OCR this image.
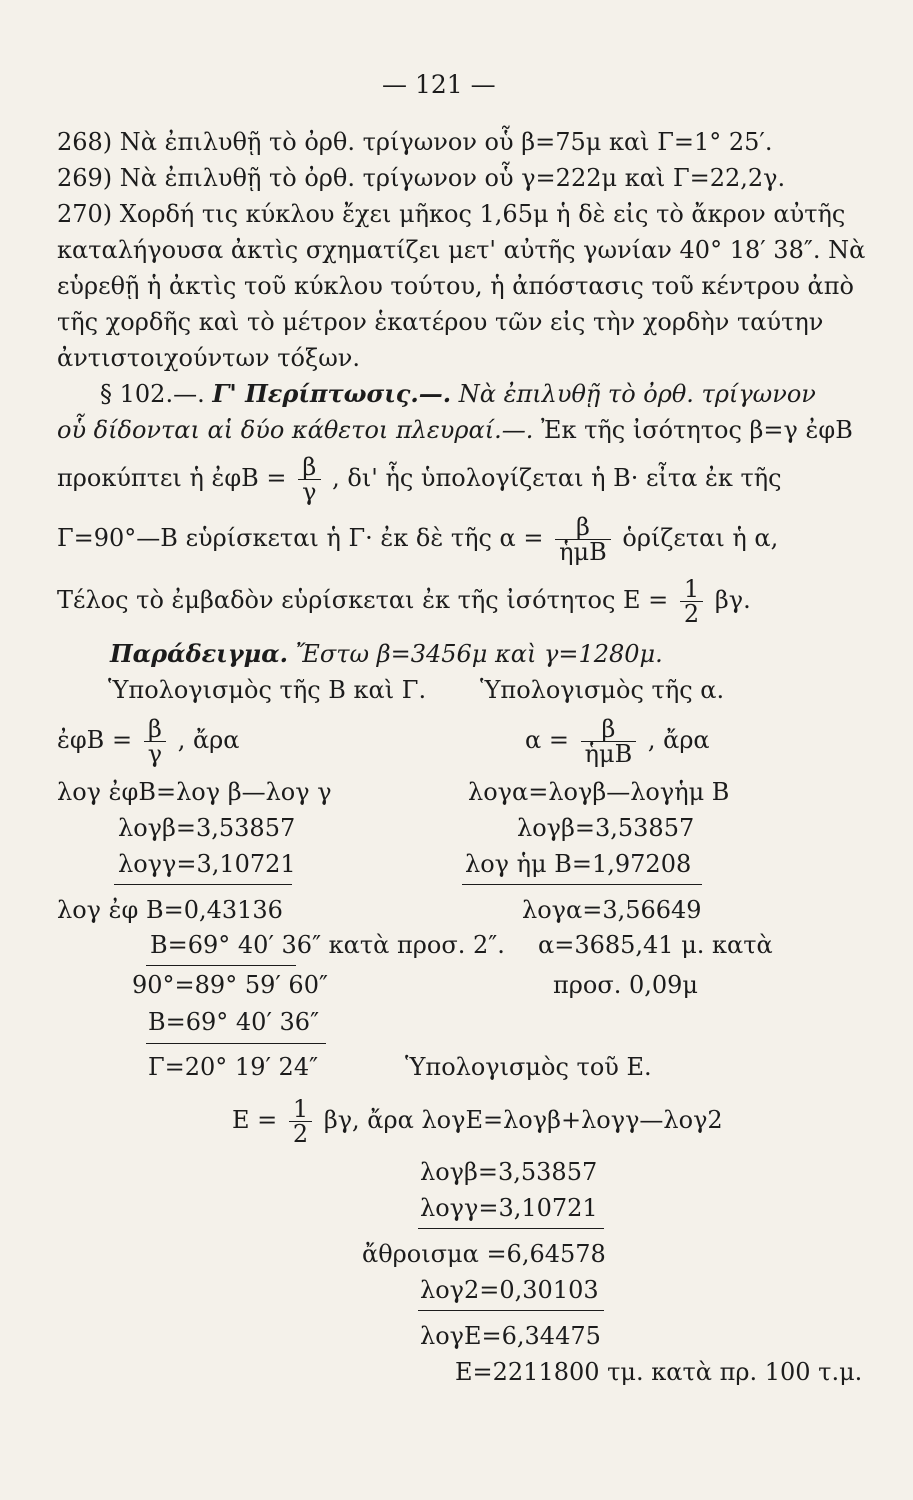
— 121 —
268) Νὰ ἐπιλυθῇ τὸ ὀρθ. τρίγωνον οὗ β=75μ καὶ Γ=1° 25′.
269) Νὰ ἐπιλυθῇ τὸ ὀρθ. τρίγωνον οὗ γ=222μ καὶ Γ=22,2γ.
270) Χορδή τις κύκλου ἔχει μῆκος 1,65μ ἡ δὲ εἰς τὸ ἄκρον αὐτῆς
καταλήγουσα ἀκτὶς σχηματίζει μετ' αὐτῆς γωνίαν 40° 18′ 38″. Νὰ
εὑρεθῇ ἡ ἀκτὶς τοῦ κύκλου τούτου, ἡ ἀπόστασις τοῦ κέντρου ἀπὸ
τῆς χορδῆς καὶ τὸ μέτρον ἑκατέρου τῶν εἰς τὴν χορδὴν ταύτην
ἀντιστοιχούντων τόξων.
§ 102.—. Γ' Περίπτωσις.—. Νὰ ἐπιλυθῇ τὸ ὀρθ. τρίγωνον
οὗ δίδονται αἱ δύο κάθετοι πλευραί.—. Ἐκ τῆς ἰσότητος β=γ ἐφΒ
προκύπτει ἡ ἐφΒ = $\frac{\beta}{\gamma}$ , δι' ἧς ὑπολογίζεται ἡ Β· εἶτα ἐκ τῆς
Γ=90°—Β εὑρίσκεται ἡ Γ· ἐκ δὲ τῆς $\alpha = \frac{\beta}{\text{ἡμΒ}}$ ὁρίζεται ἡ α,
Τέλος τὸ ἐμβαδὸν εὑρίσκεται ἐκ τῆς ἰσότητος $E = \frac{1}{2} \beta\gamma$.
Παράδειγμα. Ἔστω β=3456μ καὶ γ=1280μ.
Ὑπολογισμὸς τῆς Β καὶ Γ. Ὑπολογισμὸς τῆς α.
ἐφΒ = $\frac{\beta}{\gamma}$ , ἄρα	$\alpha = \frac{\beta}{\text{ἡμΒ}}$ , ἄρα
λογ ἐφΒ=λογ β—λογ γ	λογα=λογβ—λογἡμ Β
λογβ=3,53857	λογβ=3,53857
λογγ=3,10721	λογ ἡμ Β=1,97208
λογ ἐφ Β=0,43136	λογα=3,56649
Β=69° 40′ 36″ κατὰ προσ. 2″. α=3685,41 μ. κατὰ
90°=89° 59′ 60″	προσ. 0,09μ
Β=69° 40′ 36″
Γ=20° 19′ 24″	Ὑπολογισμὸς τοῦ Ε.
$E = \frac{1}{2} \beta\gamma$, ἄρα λογΕ=λογβ+λογγ—λογ2
λογβ=3,53857
λογγ=3,10721
ἄθροισμα =6,64578
λογ2=0,30103
λογΕ=6,34475
Ε=2211800 τμ. κατὰ πρ. 100 τ.μ.
